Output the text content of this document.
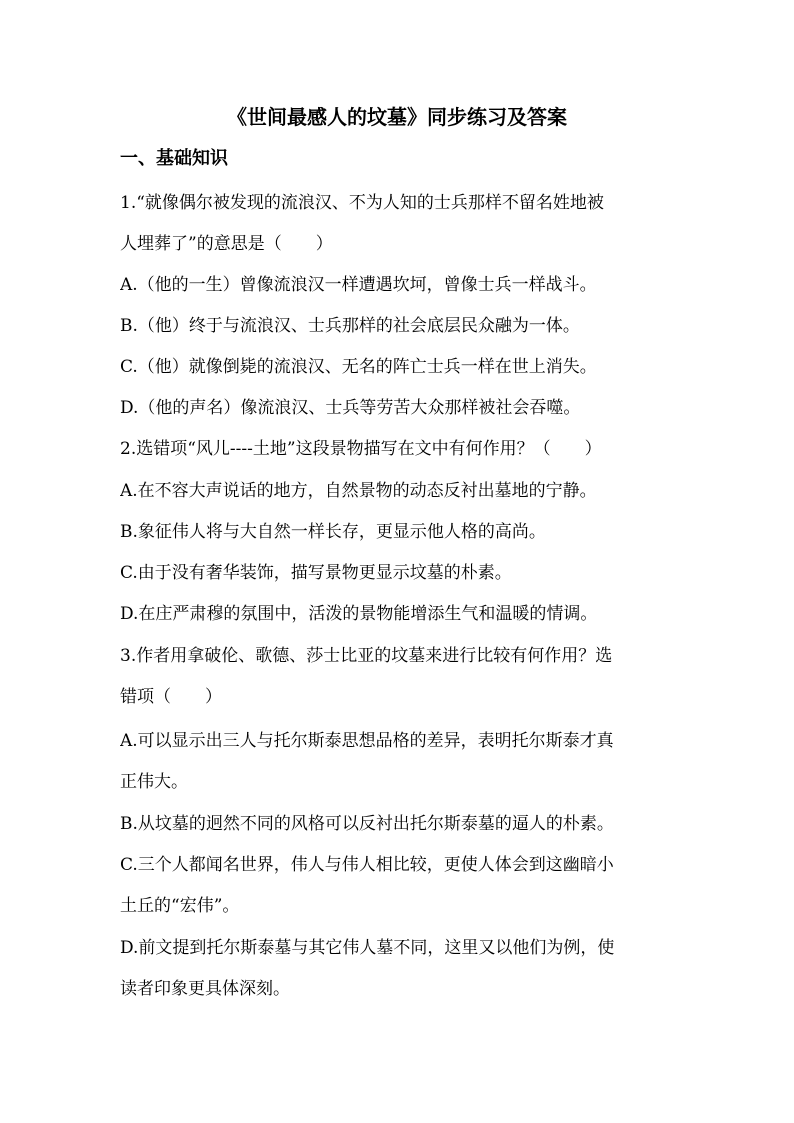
《世间最感人的坟墓》同步练习及答案
一、基础知识
1.“就像偶尔被发现的流浪汉、不为人知的士兵那样不留名姓地被
人埋葬了”的意思是（　　）
A.（他的一生）曾像流浪汉一样遭遇坎坷，曾像士兵一样战斗。
B.（他）终于与流浪汉、士兵那样的社会底层民众融为一体。
C.（他）就像倒毙的流浪汉、无名的阵亡士兵一样在世上消失。
D.（他的声名）像流浪汉、士兵等劳苦大众那样被社会吞噬。
2.选错项“风儿----土地”这段景物描写在文中有何作用？（　　）
A.在不容大声说话的地方，自然景物的动态反衬出墓地的宁静。
B.象征伟人将与大自然一样长存，更显示他人格的高尚。
C.由于没有奢华装饰，描写景物更显示坟墓的朴素。
D.在庄严肃穆的氛围中，活泼的景物能增添生气和温暖的情调。
3.作者用拿破伦、歌德、莎士比亚的坟墓来进行比较有何作用？选
错项（　　）
A.可以显示出三人与托尔斯泰思想品格的差异，表明托尔斯泰才真
正伟大。
B.从坟墓的迥然不同的风格可以反衬出托尔斯泰墓的逼人的朴素。
C.三个人都闻名世界，伟人与伟人相比较，更使人体会到这幽暗小
土丘的“宏伟”。
D.前文提到托尔斯泰墓与其它伟人墓不同，这里又以他们为例，使
读者印象更具体深刻。
